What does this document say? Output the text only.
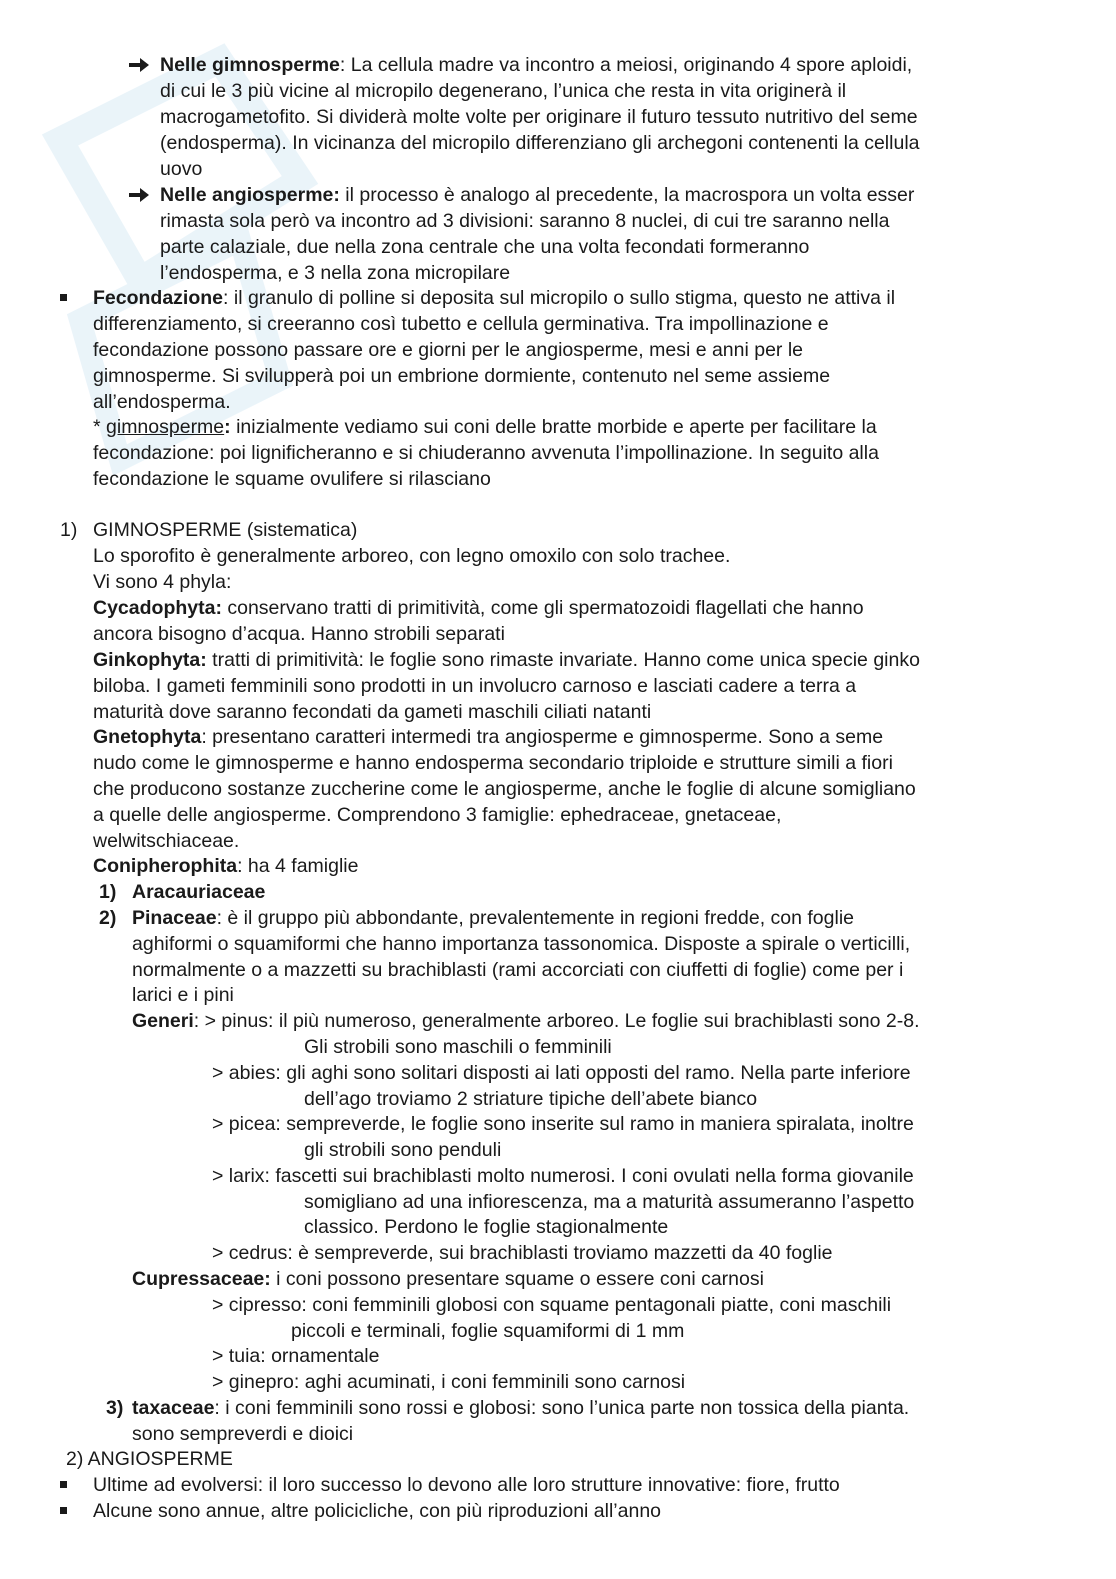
Nelle gimnosperme: La cellula madre va incontro a meiosi, originando 4 spore aploidi,
di cui le 3 più vicine al micropilo degenerano, l’unica che resta in vita originerà il
macrogametofito. Si dividerà molte volte per originare il futuro tessuto nutritivo del seme
(endosperma). In vicinanza del micropilo differenziano gli archegoni contenenti la cellula
uovo
Nelle angiosperme: il processo è analogo al precedente, la macrospora un volta esser
rimasta sola però va incontro ad 3 divisioni: saranno 8 nuclei, di cui tre saranno nella
parte calaziale, due nella zona centrale che una volta fecondati formeranno
l’endosperma, e 3 nella zona micropilare
Fecondazione: il granulo di polline si deposita sul micropilo o sullo stigma, questo ne attiva il
differenziamento, si creeranno così tubetto e cellula germinativa. Tra impollinazione e
fecondazione possono passare ore e giorni per le angiosperme, mesi e anni per le
gimnosperme. Si svilupperà poi un embrione dormiente, contenuto nel seme assieme
all’endosperma.
* gimnosperme: inizialmente vediamo sui coni delle bratte morbide e aperte per facilitare la
fecondazione: poi lignificheranno e si chiuderanno avvenuta l’impollinazione. In seguito alla
fecondazione le squame ovulifere si rilasciano
1) GIMNOSPERME (sistematica)
Lo sporofito è generalmente arboreo, con legno omoxilo con solo trachee.
Vi sono 4 phyla:
Cycadophyta: conservano tratti di primitività, come gli spermatozoidi flagellati che hanno
ancora bisogno d’acqua. Hanno strobili separati
Ginkophyta: tratti di primitività: le foglie sono rimaste invariate. Hanno come unica specie ginko
biloba. I gameti femminili sono prodotti in un involucro carnoso e lasciati cadere a terra a
maturità dove saranno fecondati da gameti maschili ciliati natanti
Gnetophyta: presentano caratteri intermedi tra angiosperme e gimnosperme. Sono a seme
nudo come le gimnosperme e hanno endosperma secondario triploide e strutture simili a fiori
che producono sostanze zuccherine come le angiosperme, anche le foglie di alcune somigliano
a quelle delle angiosperme. Comprendono 3 famiglie: ephedraceae, gnetaceae,
welwitschiaceae.
Conipherophita: ha 4 famiglie
1) Aracauriaceae
2) Pinaceae: è il gruppo più abbondante, prevalentemente in regioni fredde, con foglie
aghiformi o squamiformi che hanno importanza tassonomica. Disposte a spirale o verticilli,
normalmente o a mazzetti su brachiblasti (rami accorciati con ciuffetti di foglie) come per i
larici e i pini
Generi: > pinus: il più numeroso, generalmente arboreo. Le foglie sui brachiblasti sono 2-8.
Gli strobili sono maschili o femminili
> abies: gli aghi sono solitari disposti ai lati opposti del ramo. Nella parte inferiore
dell’ago troviamo 2 striature tipiche dell’abete bianco
> picea: sempreverde, le foglie sono inserite sul ramo in maniera spiralata, inoltre
gli strobili sono penduli
> larix: fascetti sui brachiblasti molto numerosi. I coni ovulati nella forma giovanile
somigliano ad una infiorescenza, ma a maturità assumeranno l’aspetto
classico. Perdono le foglie stagionalmente
> cedrus: è sempreverde, sui brachiblasti troviamo mazzetti da 40 foglie
Cupressaceae: i coni possono presentare squame o essere coni carnosi
> cipresso: coni femminili globosi con squame pentagonali piatte, coni maschili
piccoli e terminali, foglie squamiformi di 1 mm
> tuia: ornamentale
> ginepro: aghi acuminati, i coni femminili sono carnosi
3) taxaceae: i coni femminili sono rossi e globosi: sono l’unica parte non tossica della pianta.
sono sempreverdi e dioici
2) ANGIOSPERME
Ultime ad evolversi: il loro successo lo devono alle loro strutture innovative: fiore, frutto
Alcune sono annue, altre policicliche, con più riproduzioni all’anno
